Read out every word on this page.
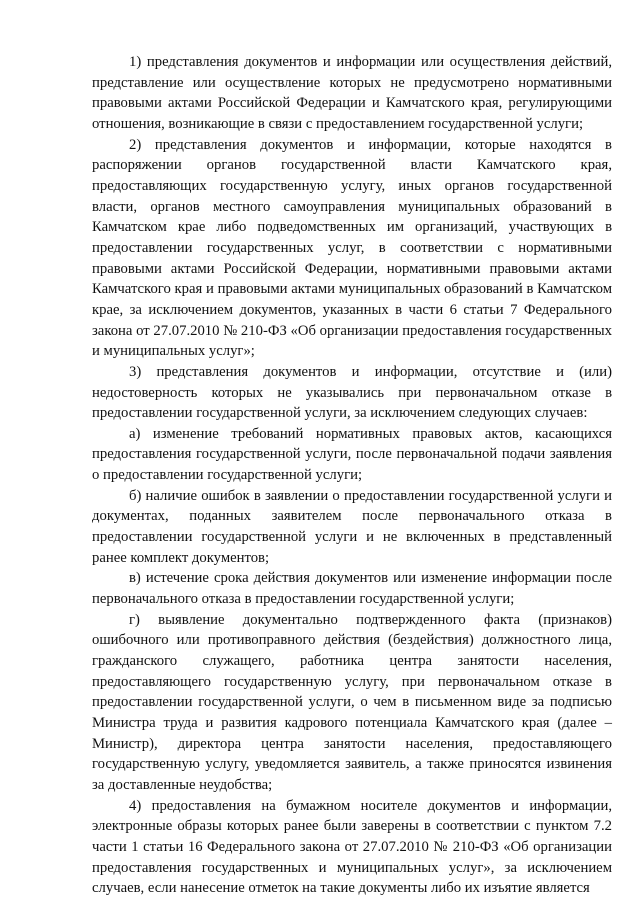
1) представления документов и информации или осуществления действий, представление или осуществление которых не предусмотрено нормативными правовыми актами Российской Федерации и Камчатского края, регулирующими отношения, возникающие в связи с предоставлением государственной услуги;

2) представления документов и информации, которые находятся в распоряжении органов государственной власти Камчатского края, предоставляющих государственную услугу, иных органов государственной власти, органов местного самоуправления муниципальных образований в Камчатском крае либо подведомственных им организаций, участвующих в предоставлении государственных услуг, в соответствии с нормативными правовыми актами Российской Федерации, нормативными правовыми актами Камчатского края и правовыми актами муниципальных образований в Камчатском крае, за исключением документов, указанных в части 6 статьи 7 Федерального закона от 27.07.2010 № 210-ФЗ «Об организации предоставления государственных и муниципальных услуг»;

3) представления документов и информации, отсутствие и (или) недостоверность которых не указывались при первоначальном отказе в предоставлении государственной услуги, за исключением следующих случаев:

а) изменение требований нормативных правовых актов, касающихся предоставления государственной услуги, после первоначальной подачи заявления о предоставлении государственной услуги;

б) наличие ошибок в заявлении о предоставлении государственной услуги и документах, поданных заявителем после первоначального отказа в предоставлении государственной услуги и не включенных в представленный ранее комплект документов;

в) истечение срока действия документов или изменение информации после первоначального отказа в предоставлении государственной услуги;

г) выявление документально подтвержденного факта (признаков) ошибочного или противоправного действия (бездействия) должностного лица, гражданского служащего, работника центра занятости населения, предоставляющего государственную услугу, при первоначальном отказе в предоставлении государственной услуги, о чем в письменном виде за подписью Министра труда и развития кадрового потенциала Камчатского края (далее – Министр), директора центра занятости населения, предоставляющего государственную услугу, уведомляется заявитель, а также приносятся извинения за доставленные неудобства;

4) предоставления на бумажном носителе документов и информации, электронные образы которых ранее были заверены в соответствии с пунктом 7.2 части 1 статьи 16 Федерального закона от 27.07.2010 № 210-ФЗ «Об организации предоставления государственных и муниципальных услуг», за исключением случаев, если нанесение отметок на такие документы либо их изъятие является
